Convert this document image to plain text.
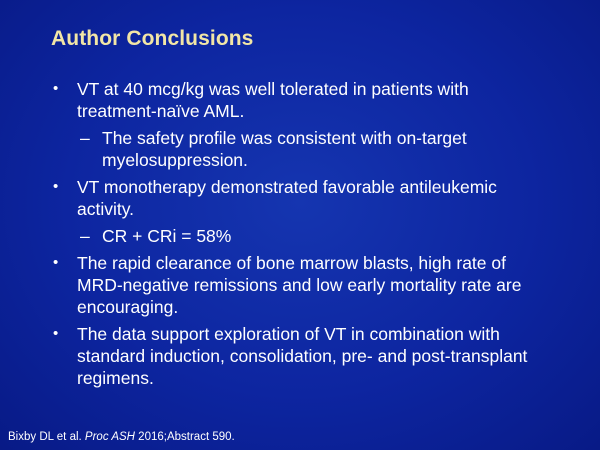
Author Conclusions
• VT at 40 mcg/kg was well tolerated in patients with treatment-naïve AML.
– The safety profile was consistent with on-target myelosuppression.
• VT monotherapy demonstrated favorable antileukemic activity.
– CR + CRi = 58%
• The rapid clearance of bone marrow blasts, high rate of MRD-negative remissions and low early mortality rate are encouraging.
• The data support exploration of VT in combination with standard induction, consolidation, pre- and post-transplant regimens.
Bixby DL et al. Proc ASH 2016;Abstract 590.
